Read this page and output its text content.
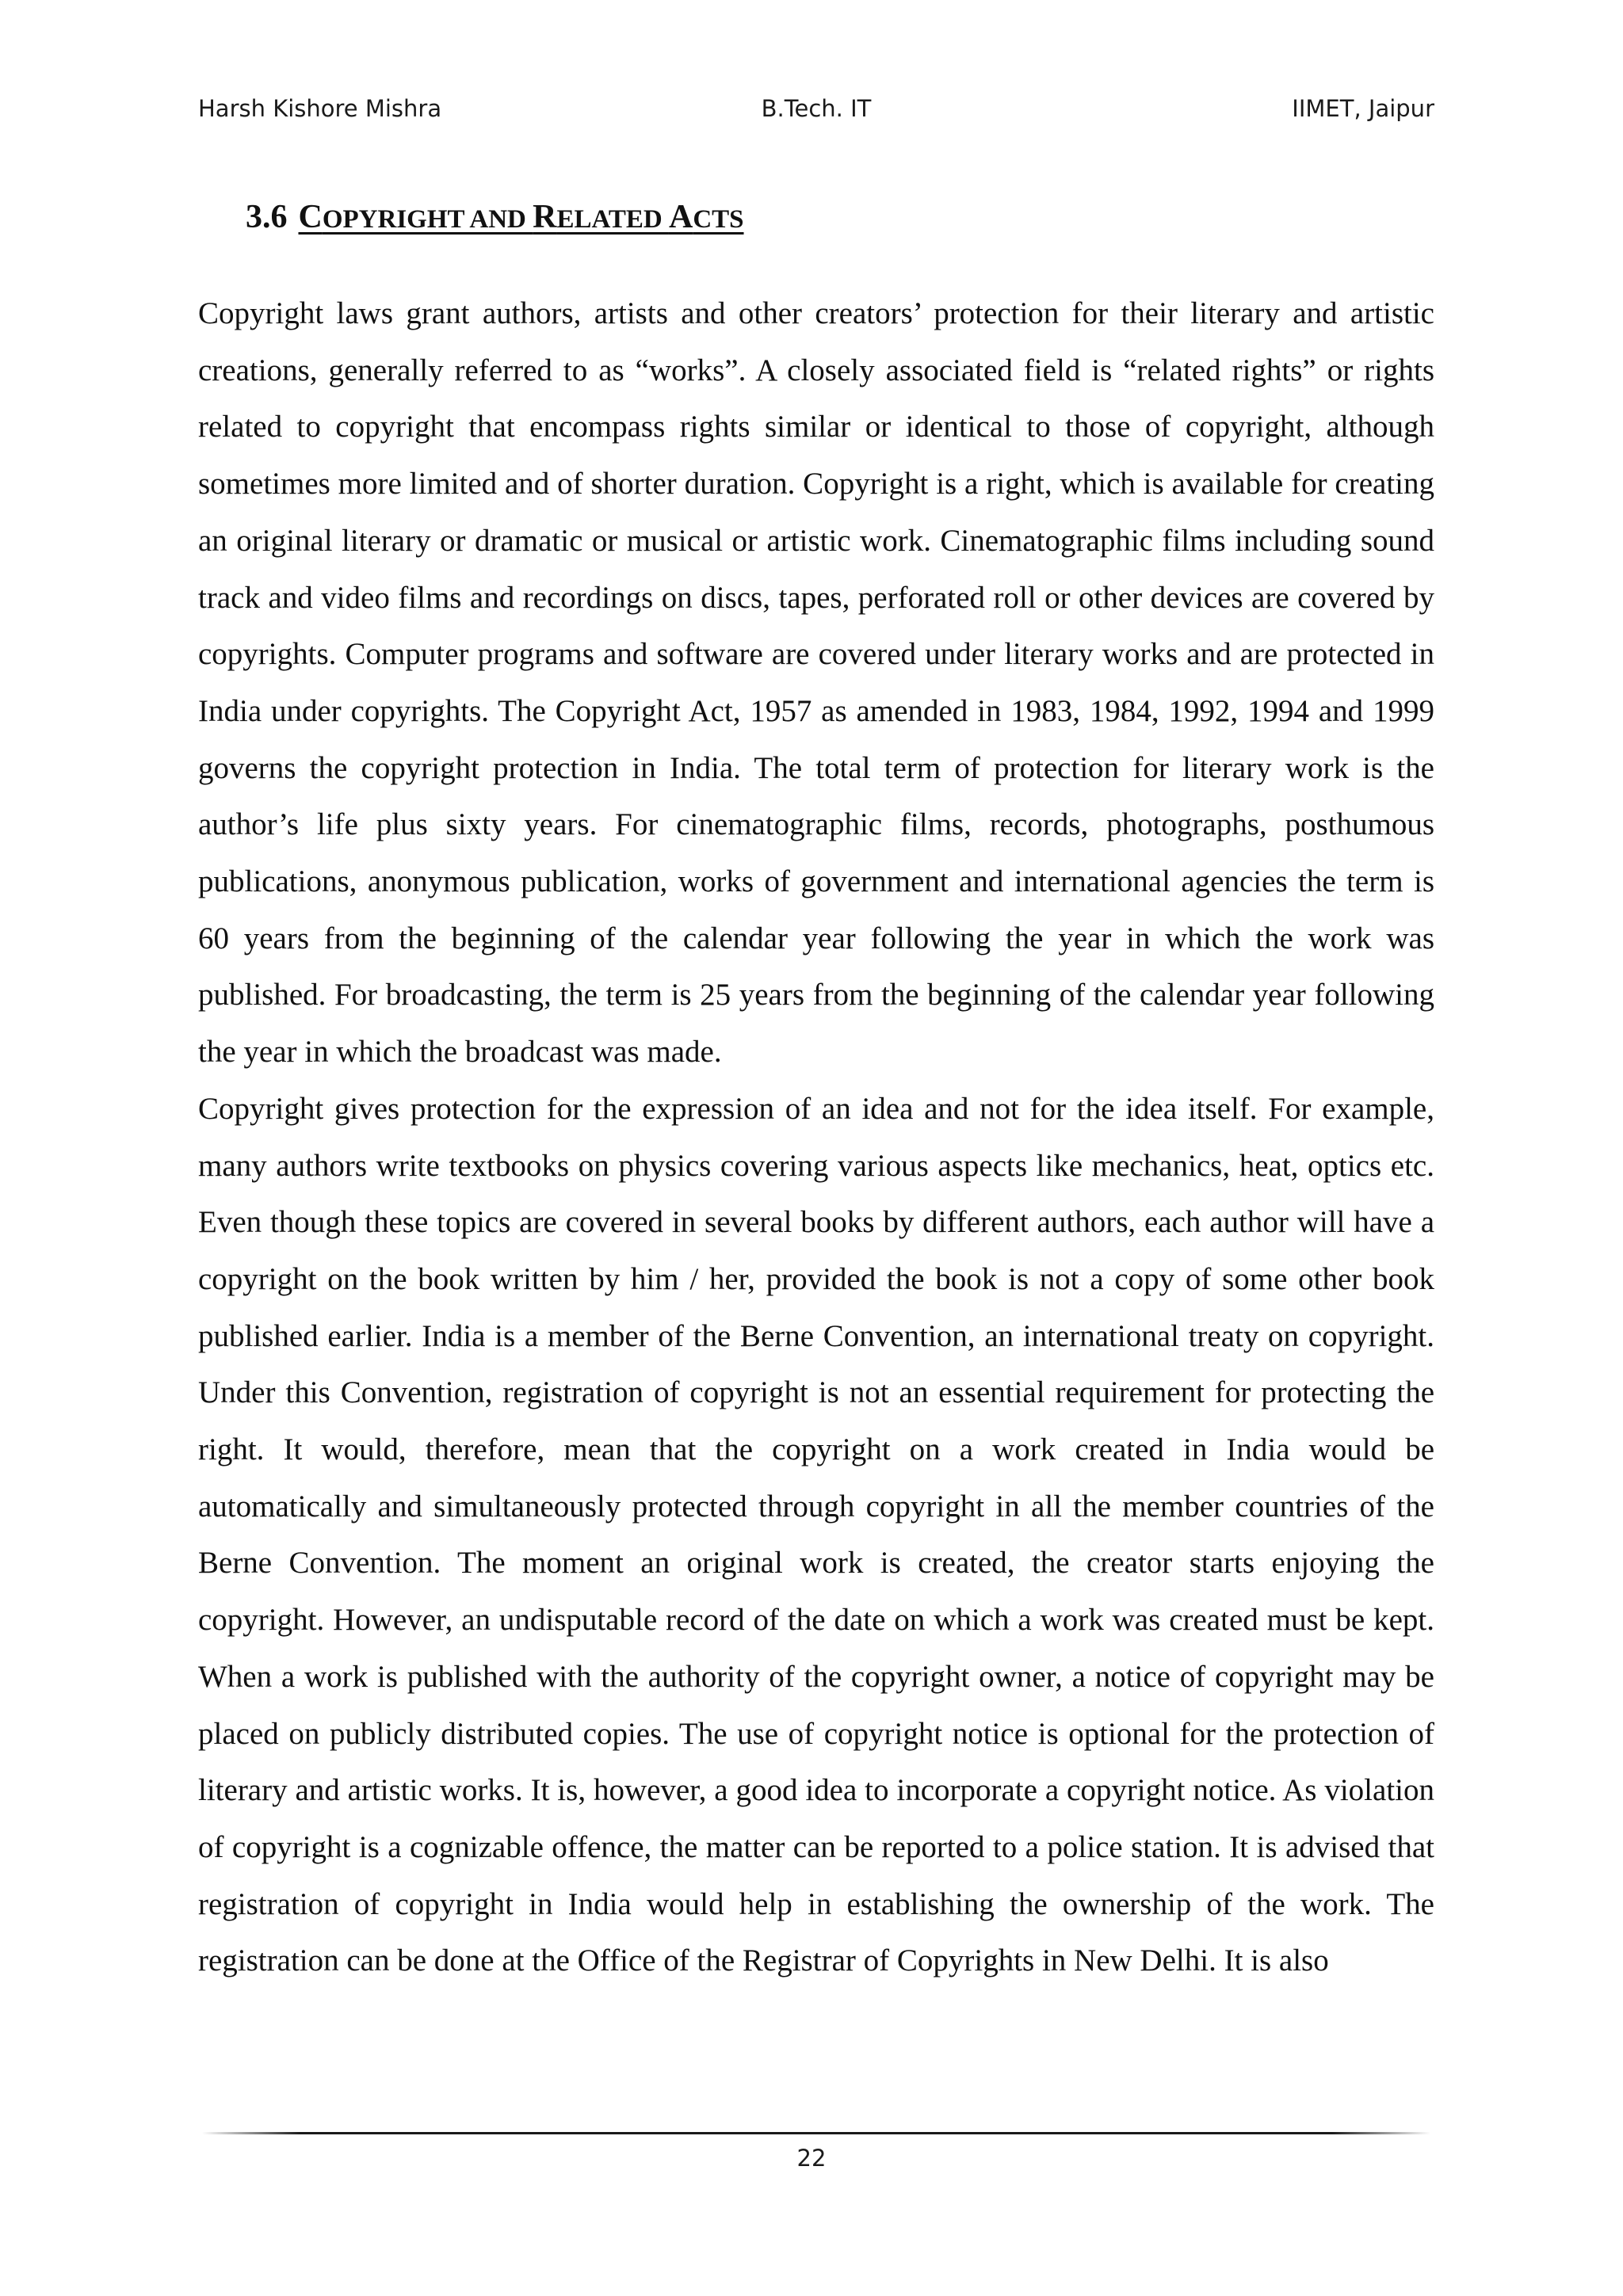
Harsh Kishore Mishra	B.Tech. IT	IIMET, Jaipur
3.6 COPYRIGHT AND RELATED ACTS

Copyright laws grant authors, artists and other creators’ protection for their literary and artistic creations, generally referred to as “works”. A closely associated field is “related rights” or rights related to copyright that encompass rights similar or identical to those of copyright, although sometimes more limited and of shorter duration. Copyright is a right, which is available for creating an original literary or dramatic or musical or artistic work. Cinematographic films including sound track and video films and recordings on discs, tapes, perforated roll or other devices are covered by copyrights. Computer programs and software are covered under literary works and are protected in India under copyrights. The Copyright Act, 1957 as amended in 1983, 1984, 1992, 1994 and 1999 governs the copyright protection in India. The total term of protection for literary work is the author’s life plus sixty years. For cinematographic films, records, photographs, posthumous publications, anonymous publication, works of government and international agencies the term is 60 years from the beginning of the calendar year following the year in which the work was published. For broadcasting, the term is 25 years from the beginning of the calendar year following the year in which the broadcast was made.

Copyright gives protection for the expression of an idea and not for the idea itself. For example, many authors write textbooks on physics covering various aspects like mechanics, heat, optics etc. Even though these topics are covered in several books by different authors, each author will have a copyright on the book written by him / her, provided the book is not a copy of some other book published earlier. India is a member of the Berne Convention, an international treaty on copyright. Under this Convention, registration of copyright is not an essential requirement for protecting the right. It would, therefore, mean that the copyright on a work created in India would be automatically and simultaneously protected through copyright in all the member countries of the Berne Convention. The moment an original work is created, the creator starts enjoying the copyright. However, an undisputable record of the date on which a work was created must be kept. When a work is published with the authority of the copyright owner, a notice of copyright may be placed on publicly distributed copies. The use of copyright notice is optional for the protection of literary and artistic works. It is, however, a good idea to incorporate a copyright notice. As violation of copyright is a cognizable offence, the matter can be reported to a police station. It is advised that registration of copyright in India would help in establishing the ownership of the work. The registration can be done at the Office of the Registrar of Copyrights in New Delhi. It is also

22
